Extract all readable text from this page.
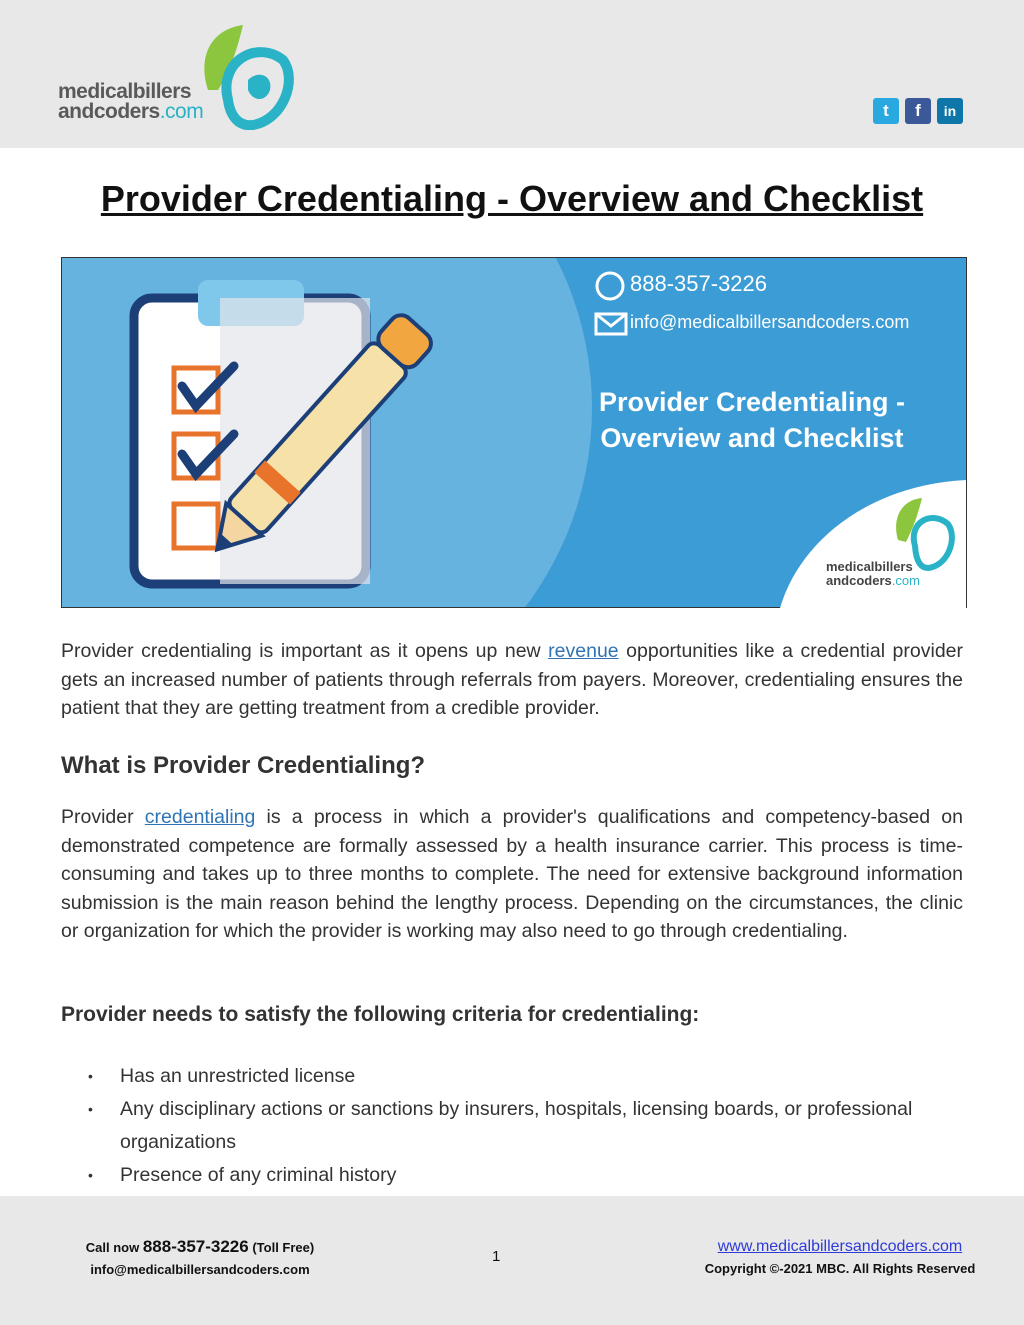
medicalbillers
andcoders.com	t	f	in
Provider Credentialing - Overview and Checklist
888-357-3226
info@medicalbillersandcoders.com
Provider Credentialing -
Overview and Checklist
medicalbillers
andcoders.com

Provider credentialing is important as it opens up new revenue opportunities like a credential provider gets an increased number of patients through referrals from payers. Moreover, credentialing ensures the patient that they are getting treatment from a credible provider.

What is Provider Credentialing?

Provider credentialing is a process in which a provider's qualifications and competency-based on demonstrated competence are formally assessed by a health insurance carrier. This process is time-consuming and takes up to three months to complete. The need for extensive background information submission is the main reason behind the lengthy process. Depending on the circumstances, the clinic or organization for which the provider is working may also need to go through credentialing.

Provider needs to satisfy the following criteria for credentialing:
• Has an unrestricted license
• Any disciplinary actions or sanctions by insurers, hospitals, licensing boards, or professional organizations
• Presence of any criminal history
Call now 888-357-3226 (Toll Free)
info@medicalbillersandcoders.com
1
www.medicalbillersandcoders.com
Copyright ©-2021 MBC. All Rights Reserved
